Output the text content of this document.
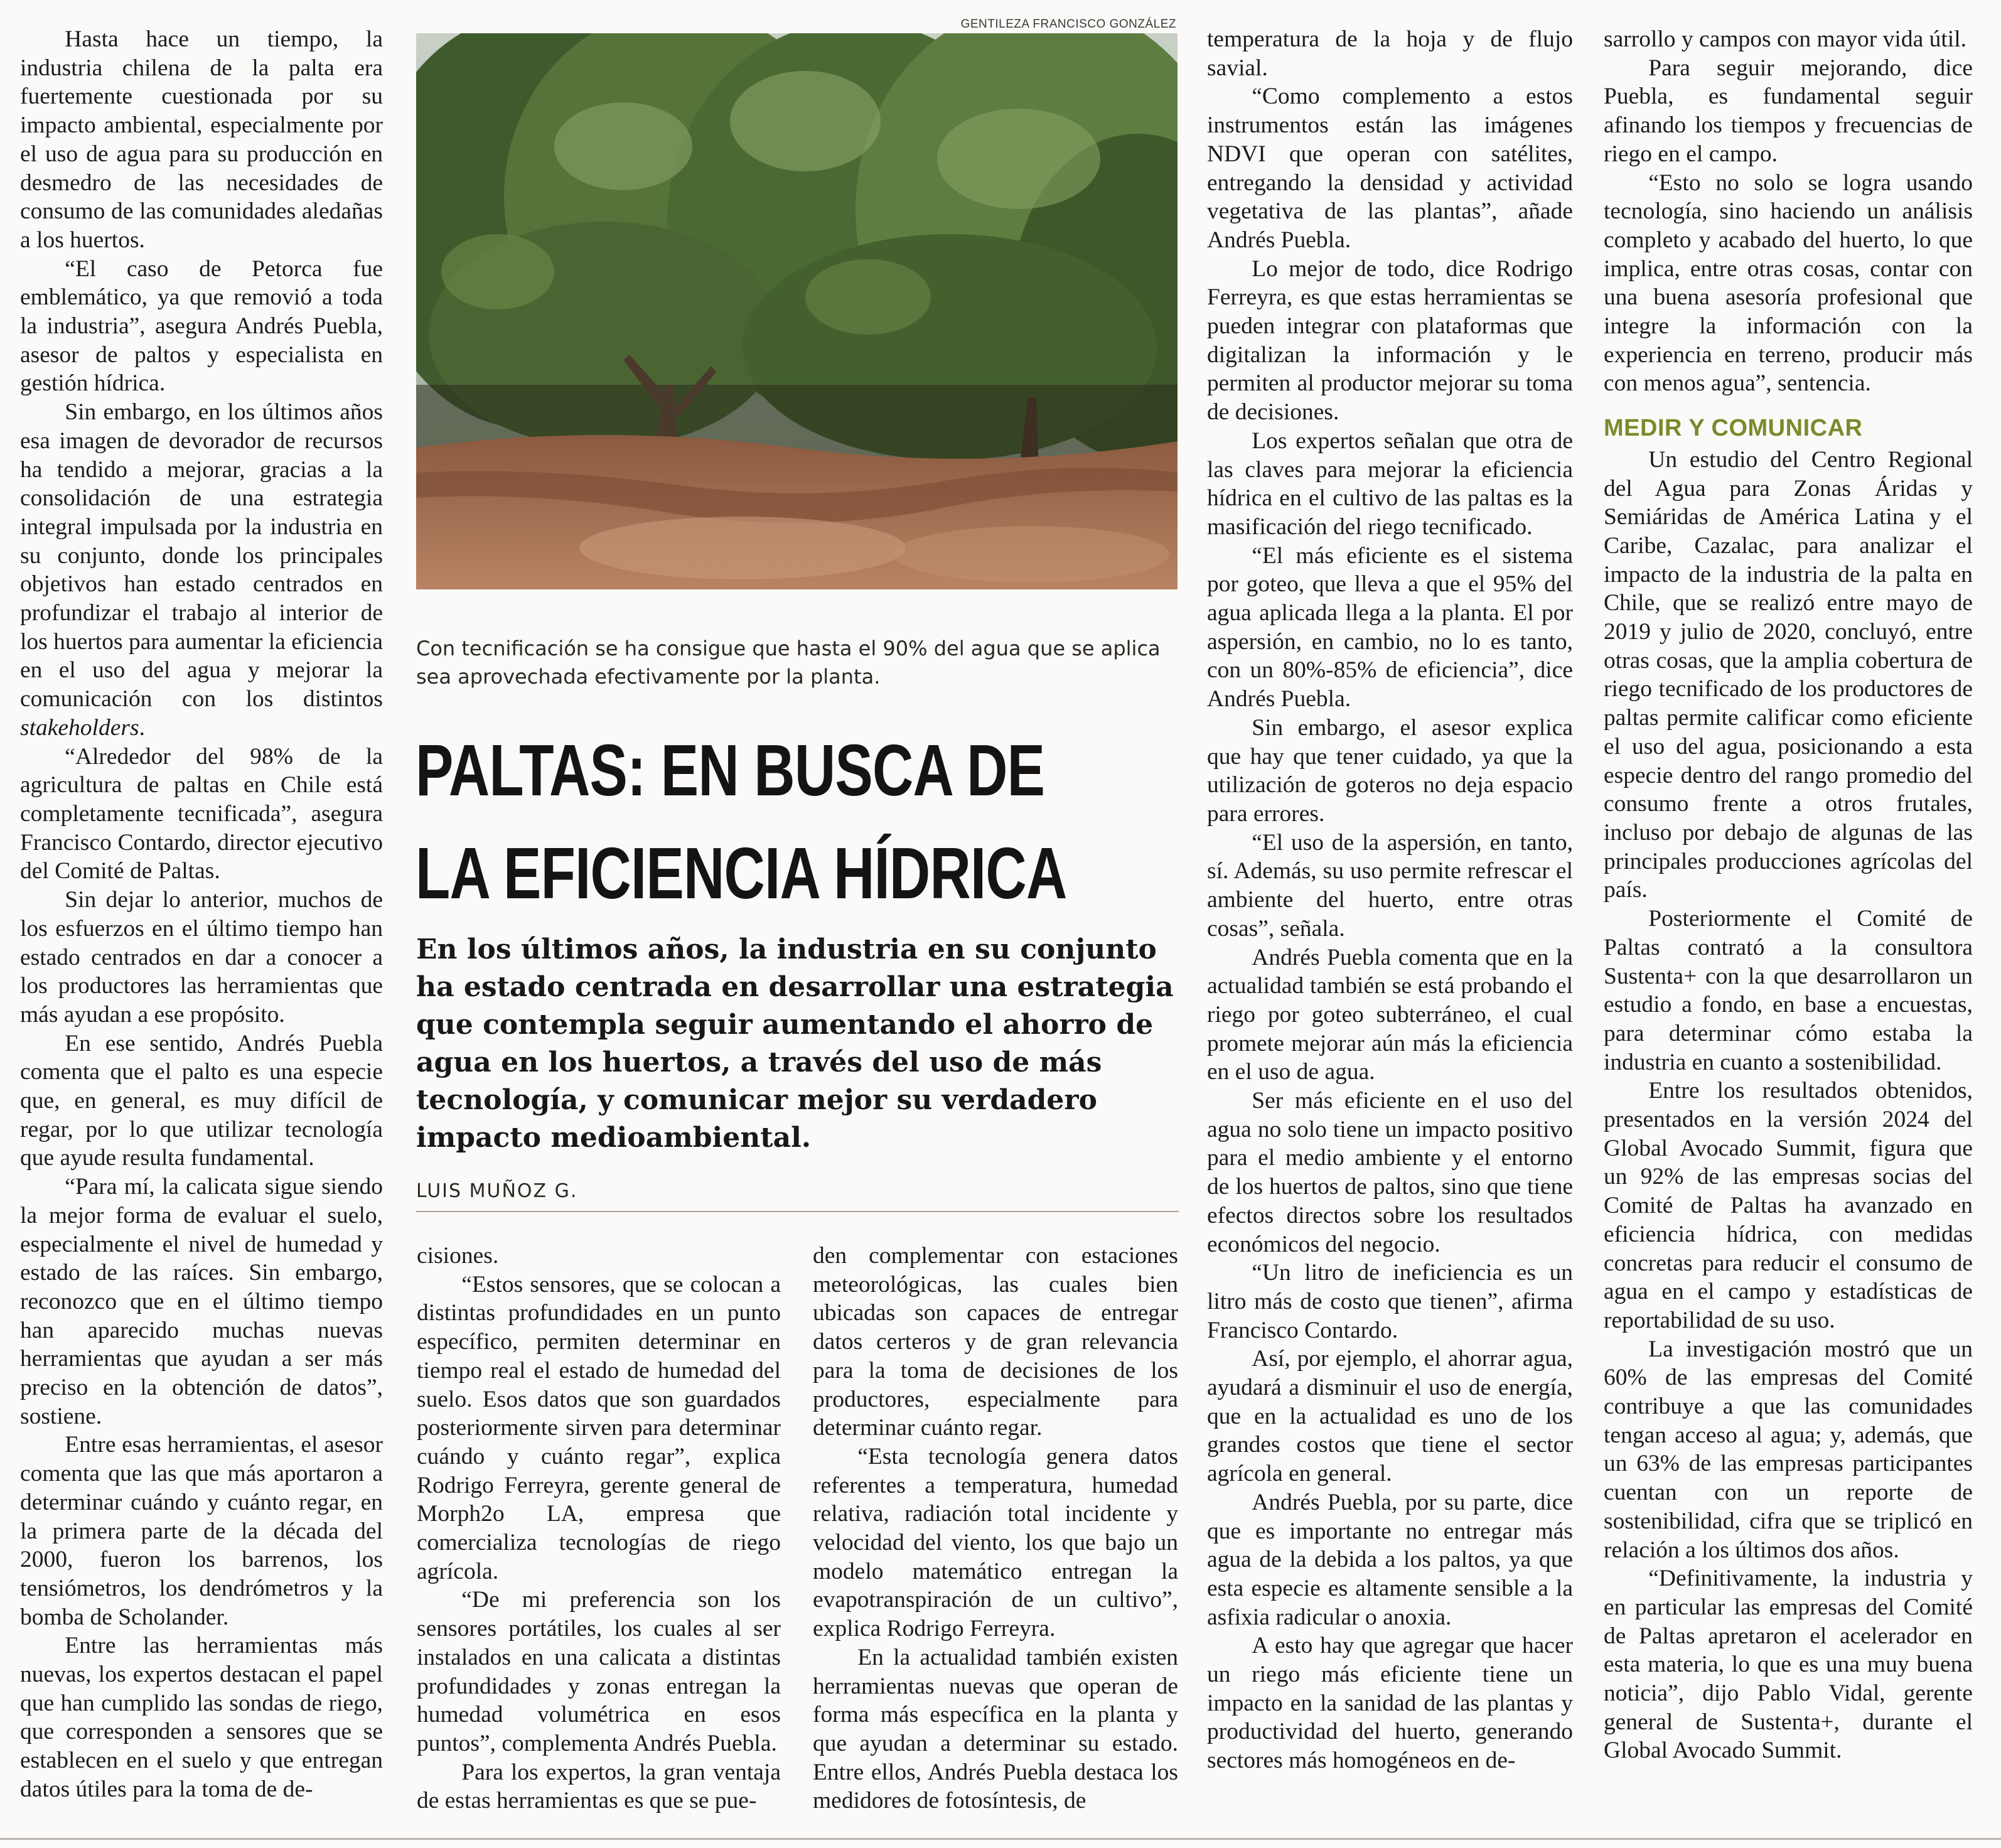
Hasta hace un tiempo, la industria chilena de la palta era fuertemente cuestionada por su impacto ambiental, especialmente por el uso de agua para su producción en desmedro de las necesidades de consumo de las comunidades aledañas a los huertos.

“El caso de Petorca fue emblemático, ya que removió a toda la industria”, asegura Andrés Puebla, asesor de paltos y especialista en gestión hídrica.

Sin embargo, en los últimos años esa imagen de devorador de recursos ha tendido a mejorar, gracias a la consolidación de una estrategia integral impulsada por la industria en su conjunto, donde los principales objetivos han estado centrados en profundizar el trabajo al interior de los huertos para aumentar la eficiencia en el uso del agua y mejorar la comunicación con los distintos stakeholders.

“Alrededor del 98% de la agricultura de paltas en Chile está completamente tecnificada”, asegura Francisco Contardo, director ejecutivo del Comité de Paltas.

Sin dejar lo anterior, muchos de los esfuerzos en el último tiempo han estado centrados en dar a conocer a los productores las herramientas que más ayudan a ese propósito.

En ese sentido, Andrés Puebla comenta que el palto es una especie que, en general, es muy difícil de regar, por lo que utilizar tecnología que ayude resulta fundamental.

“Para mí, la calicata sigue siendo la mejor forma de evaluar el suelo, especialmente el nivel de humedad y estado de las raíces. Sin embargo, reconozco que en el último tiempo han aparecido muchas nuevas herramientas que ayudan a ser más preciso en la obtención de datos”, sostiene.

Entre esas herramientas, el asesor comenta que las que más aportaron a determinar cuándo y cuánto regar, en la primera parte de la década del 2000, fueron los barrenos, los tensiómetros, los dendrómetros y la bomba de Scholander.

Entre las herramientas más nuevas, los expertos destacan el papel que han cumplido las sondas de riego, que corresponden a sensores que se establecen en el suelo y que entregan datos útiles para la toma de de-

GENTILEZA FRANCISCO GONZÁLEZ
Con tecnificación se ha consigue que hasta el 90% del agua que se aplica sea aprovechada efectivamente por la planta.
PALTAS: EN BUSCA DE
LA EFICIENCIA HÍDRICA
En los últimos años, la industria en su conjunto ha estado centrada en desarrollar una estrategia que contempla seguir aumentando el ahorro de agua en los huertos, a través del uso de más tecnología, y comunicar mejor su verdadero impacto medioambiental.
LUIS MUÑOZ G.

cisiones.

“Estos sensores, que se colocan a distintas profundidades en un punto específico, permiten determinar en tiempo real el estado de humedad del suelo. Esos datos que son guardados posteriormente sirven para determinar cuándo y cuánto regar”, explica Rodrigo Ferreyra, gerente general de Morph2o LA, empresa que comercializa tecnologías de riego agrícola.

“De mi preferencia son los sensores portátiles, los cuales al ser instalados en una calicata a distintas profundidades y zonas entregan la humedad volumétrica en esos puntos”, complementa Andrés Puebla.

Para los expertos, la gran ventaja de estas herramientas es que se pue-

den complementar con estaciones meteorológicas, las cuales bien ubicadas son capaces de entregar datos certeros y de gran relevancia para la toma de decisiones de los productores, especialmente para determinar cuánto regar.

“Esta tecnología genera datos referentes a temperatura, humedad relativa, radiación total incidente y velocidad del viento, los que bajo un modelo matemático entregan la evapotranspiración de un cultivo”, explica Rodrigo Ferreyra.

En la actualidad también existen herramientas nuevas que operan de forma más específica en la planta y que ayudan a determinar su estado. Entre ellos, Andrés Puebla destaca los medidores de fotosíntesis, de

temperatura de la hoja y de flujo savial.

“Como complemento a estos instrumentos están las imágenes NDVI que operan con satélites, entregando la densidad y actividad vegetativa de las plantas”, añade Andrés Puebla.

Lo mejor de todo, dice Rodrigo Ferreyra, es que estas herramientas se pueden integrar con plataformas que digitalizan la información y le permiten al productor mejorar su toma de decisiones.

Los expertos señalan que otra de las claves para mejorar la eficiencia hídrica en el cultivo de las paltas es la masificación del riego tecnificado.

“El más eficiente es el sistema por goteo, que lleva a que el 95% del agua aplicada llega a la planta. El por aspersión, en cambio, no lo es tanto, con un 80%-85% de eficiencia”, dice Andrés Puebla.

Sin embargo, el asesor explica que hay que tener cuidado, ya que la utilización de goteros no deja espacio para errores.

“El uso de la aspersión, en tanto, sí. Además, su uso permite refrescar el ambiente del huerto, entre otras cosas”, señala.

Andrés Puebla comenta que en la actualidad también se está probando el riego por goteo subterráneo, el cual promete mejorar aún más la eficiencia en el uso de agua.

Ser más eficiente en el uso del agua no solo tiene un impacto positivo para el medio ambiente y el entorno de los huertos de paltos, sino que tiene efectos directos sobre los resultados económicos del negocio.

“Un litro de ineficiencia es un litro más de costo que tienen”, afirma Francisco Contardo.

Así, por ejemplo, el ahorrar agua, ayudará a disminuir el uso de energía, que en la actualidad es uno de los grandes costos que tiene el sector agrícola en general.

Andrés Puebla, por su parte, dice que es importante no entregar más agua de la debida a los paltos, ya que esta especie es altamente sensible a la asfixia radicular o anoxia.

A esto hay que agregar que hacer un riego más eficiente tiene un impacto en la sanidad de las plantas y productividad del huerto, generando sectores más homogéneos en de-

sarrollo y campos con mayor vida útil.

Para seguir mejorando, dice Puebla, es fundamental seguir afinando los tiempos y frecuencias de riego en el campo.

“Esto no solo se logra usando tecnología, sino haciendo un análisis completo y acabado del huerto, lo que implica, entre otras cosas, contar con una buena asesoría profesional que integre la información con la experiencia en terreno, producir más con menos agua”, sentencia.

MEDIR Y COMUNICAR

Un estudio del Centro Regional del Agua para Zonas Áridas y Semiáridas de América Latina y el Caribe, Cazalac, para analizar el impacto de la industria de la palta en Chile, que se realizó entre mayo de 2019 y julio de 2020, concluyó, entre otras cosas, que la amplia cobertura de riego tecnificado de los productores de paltas permite calificar como eficiente el uso del agua, posicionando a esta especie dentro del rango promedio del consumo frente a otros frutales, incluso por debajo de algunas de las principales producciones agrícolas del país.

Posteriormente el Comité de Paltas contrató a la consultora Sustenta+ con la que desarrollaron un estudio a fondo, en base a encuestas, para determinar cómo estaba la industria en cuanto a sostenibilidad.

Entre los resultados obtenidos, presentados en la versión 2024 del Global Avocado Summit, figura que un 92% de las empresas socias del Comité de Paltas ha avanzado en eficiencia hídrica, con medidas concretas para reducir el consumo de agua en el campo y estadísticas de reportabilidad de su uso.

La investigación mostró que un 60% de las empresas del Comité contribuye a que las comunidades tengan acceso al agua; y, además, que un 63% de las empresas participantes cuentan con un reporte de sostenibilidad, cifra que se triplicó en relación a los últimos dos años.

“Definitivamente, la industria y en particular las empresas del Comité de Paltas apretaron el acelerador en esta materia, lo que es una muy buena noticia”, dijo Pablo Vidal, gerente general de Sustenta+, durante el Global Avocado Summit.
